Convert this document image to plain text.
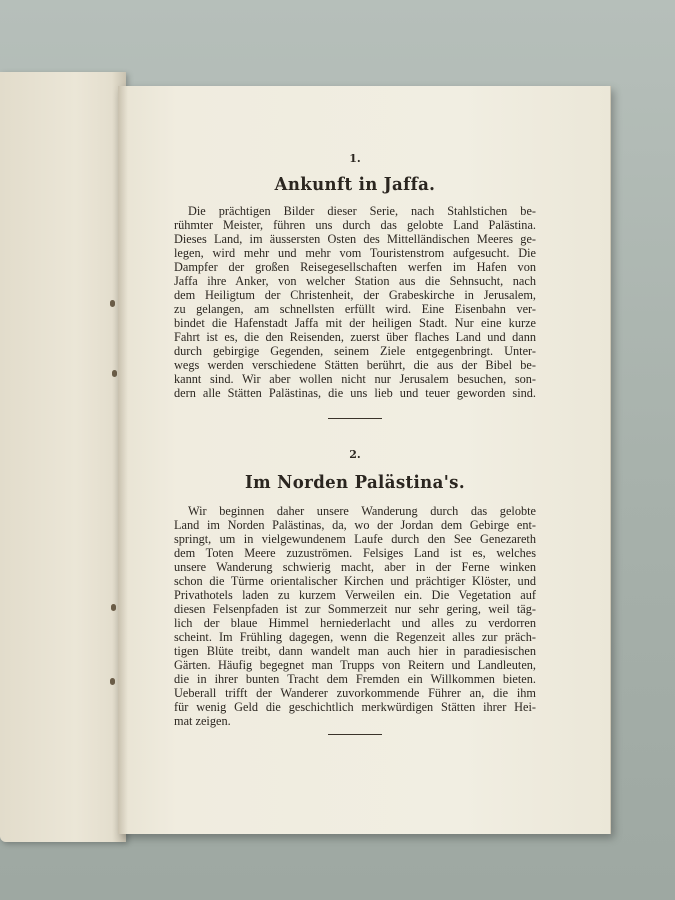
1.
Ankunft in Jaffa.
Die prächtigen Bilder dieser Serie, nach Stahlstichen be-
rühmter Meister, führen uns durch das gelobte Land Palästina.
Dieses Land, im äussersten Osten des Mittelländischen Meeres ge-
legen, wird mehr und mehr vom Touristenstrom aufgesucht. Die
Dampfer der großen Reisegesellschaften werfen im Hafen von
Jaffa ihre Anker, von welcher Station aus die Sehnsucht, nach
dem Heiligtum der Christenheit, der Grabeskirche in Jerusalem,
zu gelangen, am schnellsten erfüllt wird. Eine Eisenbahn ver-
bindet die Hafenstadt Jaffa mit der heiligen Stadt. Nur eine kurze
Fahrt ist es, die den Reisenden, zuerst über flaches Land und dann
durch gebirgige Gegenden, seinem Ziele entgegenbringt. Unter-
wegs werden verschiedene Stätten berührt, die aus der Bibel be-
kannt sind. Wir aber wollen nicht nur Jerusalem besuchen, son-
dern alle Stätten Palästinas, die uns lieb und teuer geworden sind.
2.
Im Norden Palästina's.
Wir beginnen daher unsere Wanderung durch das gelobte
Land im Norden Palästinas, da, wo der Jordan dem Gebirge ent-
springt, um in vielgewundenem Laufe durch den See Genezareth
dem Toten Meere zuzuströmen. Felsiges Land ist es, welches
unsere Wanderung schwierig macht, aber in der Ferne winken
schon die Türme orientalischer Kirchen und prächtiger Klöster, und
Privathotels laden zu kurzem Verweilen ein. Die Vegetation auf
diesen Felsenpfaden ist zur Sommerzeit nur sehr gering, weil täg-
lich der blaue Himmel herniederlacht und alles zu verdorren
scheint. Im Frühling dagegen, wenn die Regenzeit alles zur präch-
tigen Blüte treibt, dann wandelt man auch hier in paradiesischen
Gärten. Häufig begegnet man Trupps von Reitern und Landleuten,
die in ihrer bunten Tracht dem Fremden ein Willkommen bieten.
Ueberall trifft der Wanderer zuvorkommende Führer an, die ihm
für wenig Geld die geschichtlich merkwürdigen Stätten ihrer Hei-
mat zeigen.
